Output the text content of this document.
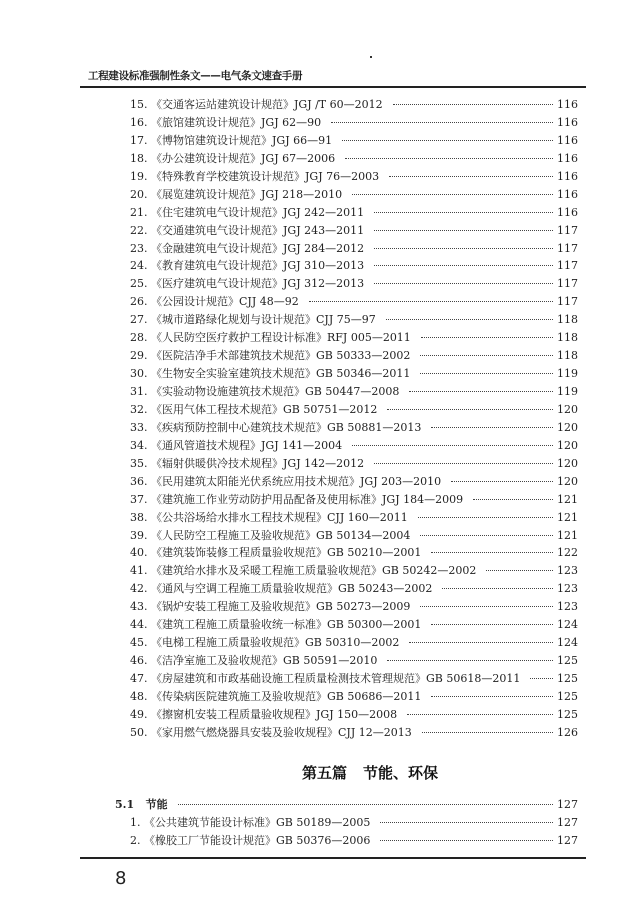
工程建设标准强制性条文——电气条文速查手册
15. 《交通客运站建筑设计规范》JGJ /T 60—2012	116
16. 《旅馆建筑设计规范》JGJ 62—90	116
17. 《博物馆建筑设计规范》JGJ 66—91	116
18. 《办公建筑设计规范》JGJ 67—2006	116
19. 《特殊教育学校建筑设计规范》JGJ 76—2003	116
20. 《展览建筑设计规范》JGJ 218—2010	116
21. 《住宅建筑电气设计规范》JGJ 242—2011	116
22. 《交通建筑电气设计规范》JGJ 243—2011	117
23. 《金融建筑电气设计规范》JGJ 284—2012	117
24. 《教育建筑电气设计规范》JGJ 310—2013	117
25. 《医疗建筑电气设计规范》JGJ 312—2013	117
26. 《公园设计规范》CJJ 48—92	117
27. 《城市道路绿化规划与设计规范》CJJ 75—97	118
28. 《人民防空医疗救护工程设计标准》RFJ 005—2011	118
29. 《医院洁净手术部建筑技术规范》GB 50333—2002	118
30. 《生物安全实验室建筑技术规范》GB 50346—2011	119
31. 《实验动物设施建筑技术规范》GB 50447—2008	119
32. 《医用气体工程技术规范》GB 50751—2012	120
33. 《疾病预防控制中心建筑技术规范》GB 50881—2013	120
34. 《通风管道技术规程》JGJ 141—2004	120
35. 《辐射供暖供冷技术规程》JGJ 142—2012	120
36. 《民用建筑太阳能光伏系统应用技术规范》JGJ 203—2010	120
37. 《建筑施工作业劳动防护用品配备及使用标准》JGJ 184—2009	121
38. 《公共浴场给水排水工程技术规程》CJJ 160—2011	121
39. 《人民防空工程施工及验收规范》GB 50134—2004	121
40. 《建筑装饰装修工程质量验收规范》GB 50210—2001	122
41. 《建筑给水排水及采暖工程施工质量验收规范》GB 50242—2002	123
42. 《通风与空调工程施工质量验收规范》GB 50243—2002	123
43. 《锅炉安装工程施工及验收规范》GB 50273—2009	123
44. 《建筑工程施工质量验收统一标准》GB 50300—2001	124
45. 《电梯工程施工质量验收规范》GB 50310—2002	124
46. 《洁净室施工及验收规范》GB 50591—2010	125
47. 《房屋建筑和市政基础设施工程质量检测技术管理规范》GB 50618—2011	125
48. 《传染病医院建筑施工及验收规范》GB 50686—2011	125
49. 《擦窗机安装工程质量验收规程》JGJ 150—2008	125
50. 《家用燃气燃烧器具安装及验收规程》CJJ 12—2013	126
第五篇 节能、环保
5.1 节能	127
1. 《公共建筑节能设计标准》GB 50189—2005	127
2. 《橡胶工厂节能设计规范》GB 50376—2006	127
8
